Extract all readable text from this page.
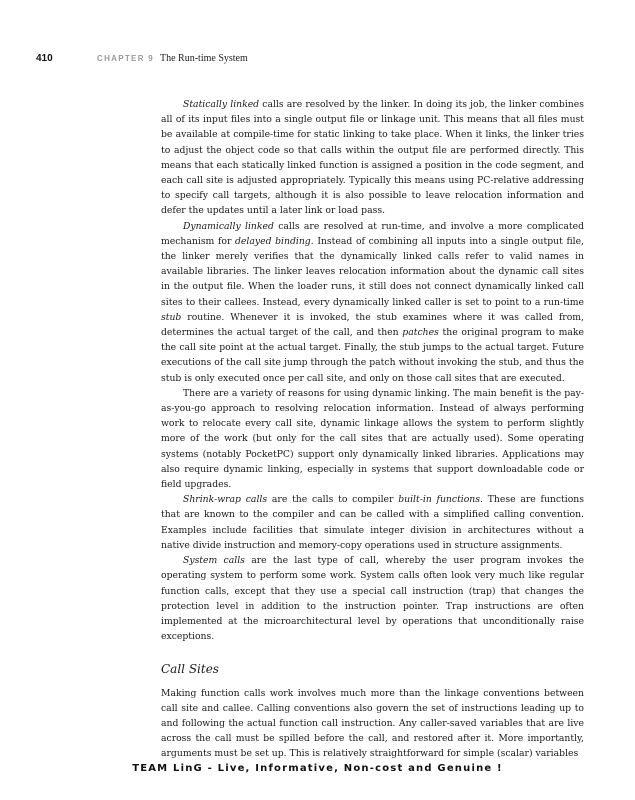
410	CHAPTER 9 The Run-time System

Statically linked calls are resolved by the linker. In doing its job, the linker combines all of its input files into a single output file or linkage unit. This means that all files must be available at compile-time for static linking to take place. When it links, the linker tries to adjust the object code so that calls within the output file are performed directly. This means that each statically linked function is assigned a position in the code segment, and each call site is adjusted appropriately. Typically this means using PC-relative addressing to specify call targets, although it is also possible to leave relocation information and defer the updates until a later link or load pass.

Dynamically linked calls are resolved at run-time, and involve a more complicated mechanism for delayed binding. Instead of combining all inputs into a single output file, the linker merely verifies that the dynamically linked calls refer to valid names in available libraries. The linker leaves relocation information about the dynamic call sites in the output file. When the loader runs, it still does not connect dynamically linked call sites to their callees. Instead, every dynamically linked caller is set to point to a run-time stub routine. Whenever it is invoked, the stub examines where it was called from, determines the actual target of the call, and then patches the original program to make the call site point at the actual target. Finally, the stub jumps to the actual target. Future executions of the call site jump through the patch without invoking the stub, and thus the stub is only executed once per call site, and only on those call sites that are executed.

There are a variety of reasons for using dynamic linking. The main benefit is the pay-as-you-go approach to resolving relocation information. Instead of always performing work to relocate every call site, dynamic linkage allows the system to perform slightly more of the work (but only for the call sites that are actually used). Some operating systems (notably PocketPC) support only dynamically linked libraries. Applications may also require dynamic linking, especially in systems that support downloadable code or field upgrades.

Shrink-wrap calls are the calls to compiler built-in functions. These are functions that are known to the compiler and can be called with a simplified calling convention. Examples include facilities that simulate integer division in architectures without a native divide instruction and memory-copy operations used in structure assignments.

System calls are the last type of call, whereby the user program invokes the operating system to perform some work. System calls often look very much like regular function calls, except that they use a special call instruction (trap) that changes the protection level in addition to the instruction pointer. Trap instructions are often implemented at the microarchitectural level by operations that unconditionally raise exceptions.

Call Sites

Making function calls work involves much more than the linkage conventions between call site and callee. Calling conventions also govern the set of instructions leading up to and following the actual function call instruction. Any caller-saved variables that are live across the call must be spilled before the call, and restored after it. More importantly, arguments must be set up. This is relatively straightforward for simple (scalar) variables

TEAM LinG - Live, Informative, Non-cost and Genuine !
